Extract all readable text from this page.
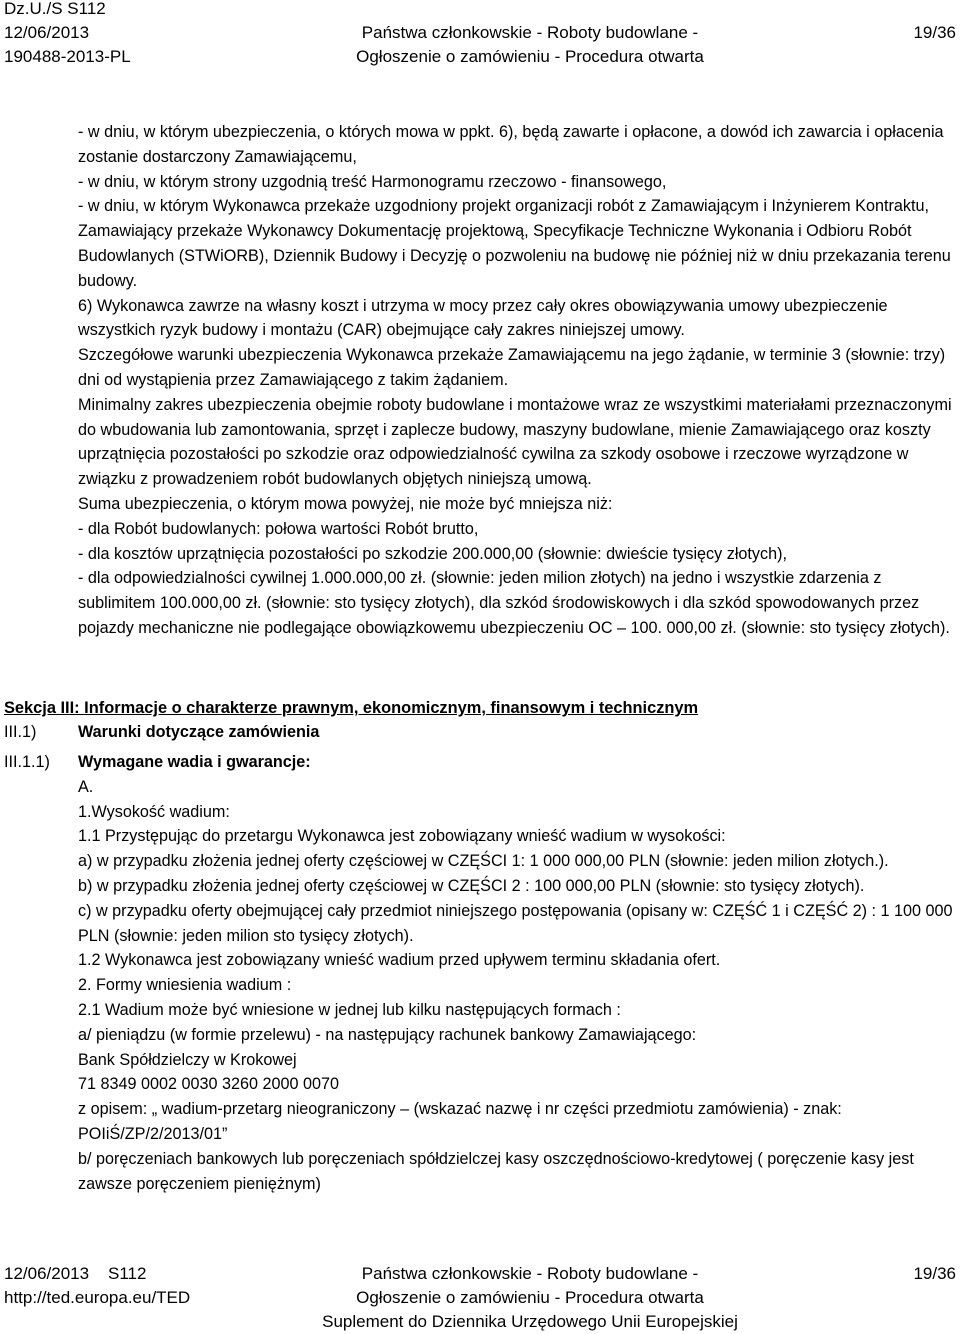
Dz.U./S S112
12/06/2013
190488-2013-PL
Państwa członkowskie - Roboty budowlane -
Ogłoszenie o zamówieniu - Procedura otwarta
19/36

- w dniu, w którym ubezpieczenia, o których mowa w ppkt. 6), będą zawarte i opłacone, a dowód ich zawarcia i opłacenia zostanie dostarczony Zamawiającemu,

- w dniu, w którym strony uzgodnią treść Harmonogramu rzeczowo - finansowego,

- w dniu, w którym Wykonawca przekaże uzgodniony projekt organizacji robót z Zamawiającym i Inżynierem Kontraktu,

Zamawiający przekaże Wykonawcy Dokumentację projektową, Specyfikacje Techniczne Wykonania i Odbioru Robót Budowlanych (STWiORB), Dziennik Budowy i Decyzję o pozwoleniu na budowę nie później niż w dniu przekazania terenu budowy.

6) Wykonawca zawrze na własny koszt i utrzyma w mocy przez cały okres obowiązywania umowy ubezpieczenie wszystkich ryzyk budowy i montażu (CAR) obejmujące cały zakres niniejszej umowy.

Szczegółowe warunki ubezpieczenia Wykonawca przekaże Zamawiającemu na jego żądanie, w terminie 3 (słownie: trzy) dni od wystąpienia przez Zamawiającego z takim żądaniem.

Minimalny zakres ubezpieczenia obejmie roboty budowlane i montażowe wraz ze wszystkimi materiałami przeznaczonymi do wbudowania lub zamontowania, sprzęt i zaplecze budowy, maszyny budowlane, mienie Zamawiającego oraz koszty uprzątnięcia pozostałości po szkodzie oraz odpowiedzialność cywilna za szkody osobowe i rzeczowe wyrządzone w związku z prowadzeniem robót budowlanych objętych niniejszą umową.

Suma ubezpieczenia, o którym mowa powyżej, nie może być mniejsza niż:

- dla Robót budowlanych: połowa wartości Robót brutto,

- dla kosztów uprzątnięcia pozostałości po szkodzie 200.000,00 (słownie: dwieście tysięcy złotych),

- dla odpowiedzialności cywilnej 1.000.000,00 zł. (słownie: jeden milion złotych) na jedno i wszystkie zdarzenia z sublimitem 100.000,00 zł. (słownie: sto tysięcy złotych), dla szkód środowiskowych i dla szkód spowodowanych przez pojazdy mechaniczne nie podlegające obowiązkowemu ubezpieczeniu OC – 100. 000,00 zł. (słownie: sto tysięcy złotych).

Sekcja III: Informacje o charakterze prawnym, ekonomicznym, finansowym i technicznym
III.1)	Warunki dotyczące zamówienia
III.1.1) Wymagane wadia i gwarancje:

A.

1.Wysokość wadium:

1.1 Przystępując do przetargu Wykonawca jest zobowiązany wnieść wadium w wysokości:

a) w przypadku złożenia jednej oferty częściowej w CZĘŚCI 1: 1 000 000,00 PLN (słownie: jeden milion złotych.).

b) w przypadku złożenia jednej oferty częściowej w CZĘŚCI 2 : 100 000,00 PLN (słownie: sto tysięcy złotych).

c) w przypadku oferty obejmującej cały przedmiot niniejszego postępowania (opisany w: CZĘŚĆ 1 i CZĘŚĆ 2) : 1 100 000 PLN (słownie: jeden milion sto tysięcy złotych).

1.2 Wykonawca jest zobowiązany wnieść wadium przed upływem terminu składania ofert.

2. Formy wniesienia wadium :

2.1 Wadium może być wniesione w jednej lub kilku następujących formach :

a/ pieniądzu (w formie przelewu) - na następujący rachunek bankowy Zamawiającego:

Bank Spółdzielczy w Krokowej

71 8349 0002 0030 3260 2000 0070

z opisem: „ wadium-przetarg nieograniczony – (wskazać nazwę i nr części przedmiotu zamówienia) - znak: POIiŚ/ZP/2/2013/01”

b/ poręczeniach bankowych lub poręczeniach spółdzielczej kasy oszczędnościowo-kredytowej ( poręczenie kasy jest zawsze poręczeniem pieniężnym)

12/06/2013 S112
http://ted.europa.eu/TED
Państwa członkowskie - Roboty budowlane -
Ogłoszenie o zamówieniu - Procedura otwarta
Suplement do Dziennika Urzędowego Unii Europejskiej
19/36
